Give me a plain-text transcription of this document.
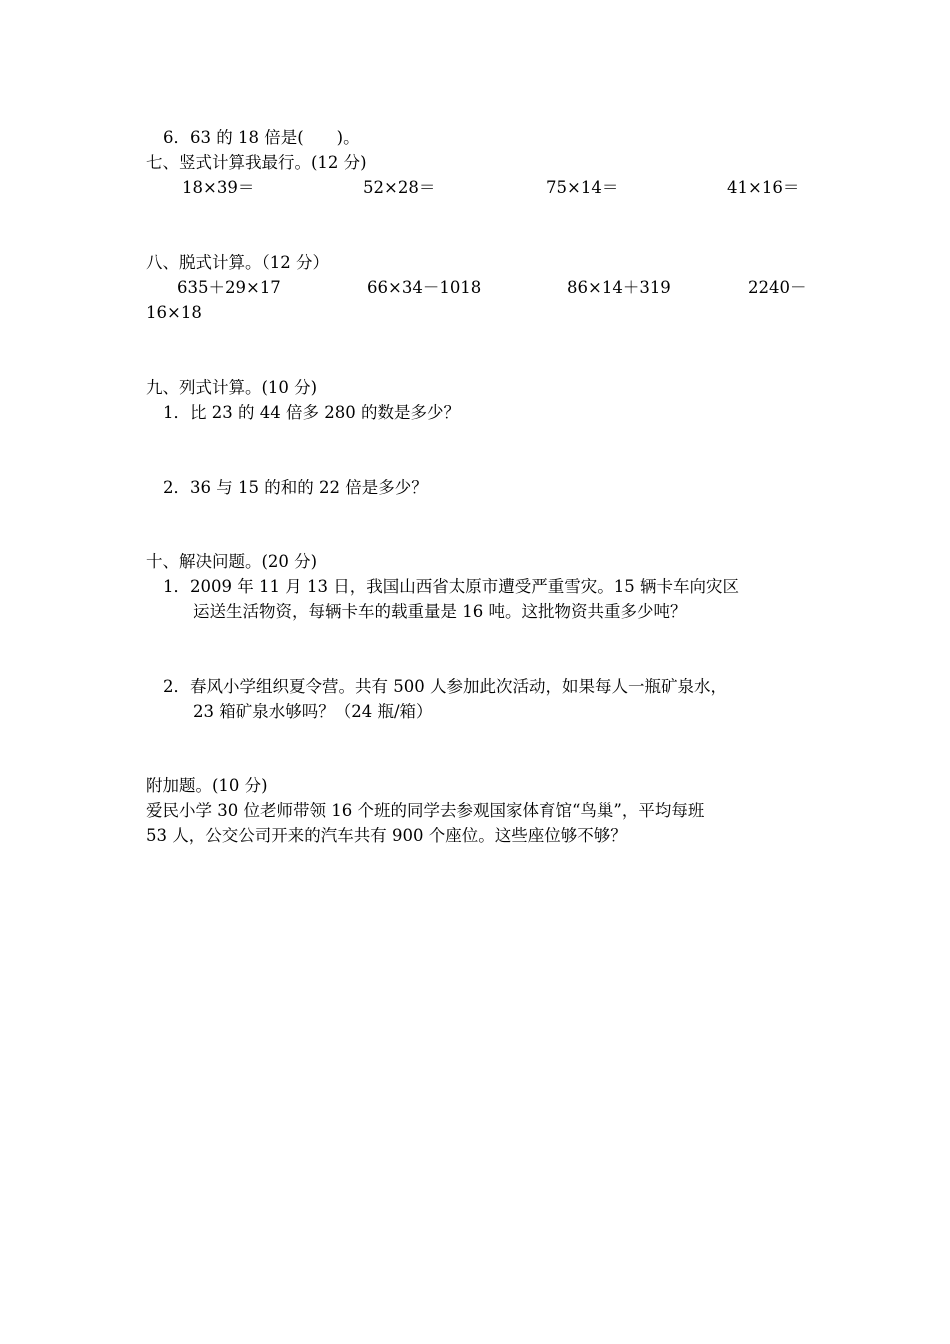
6．63 的 18 倍是(　　)。
七、竖式计算我最行。(12 分)
18×39＝	52×28＝	75×14＝	41×16＝
八、脱式计算。（12 分）
635＋29×17	66×34－1018	86×14＋319	2240－
16×18
九、列式计算。(10 分)
1．比 23 的 44 倍多 280 的数是多少？
2．36 与 15 的和的 22 倍是多少？
十、解决问题。(20 分)
1．2009 年 11 月 13 日，我国山西省太原市遭受严重雪灾。15 辆卡车向灾区
运送生活物资，每辆卡车的载重量是 16 吨。这批物资共重多少吨？
2．春风小学组织夏令营。共有 500 人参加此次活动，如果每人一瓶矿泉水，
23 箱矿泉水够吗？（24 瓶/箱）
附加题。(10 分)
爱民小学 30 位老师带领 16 个班的同学去参观国家体育馆“鸟巢”，平均每班
53 人，公交公司开来的汽车共有 900 个座位。这些座位够不够？
